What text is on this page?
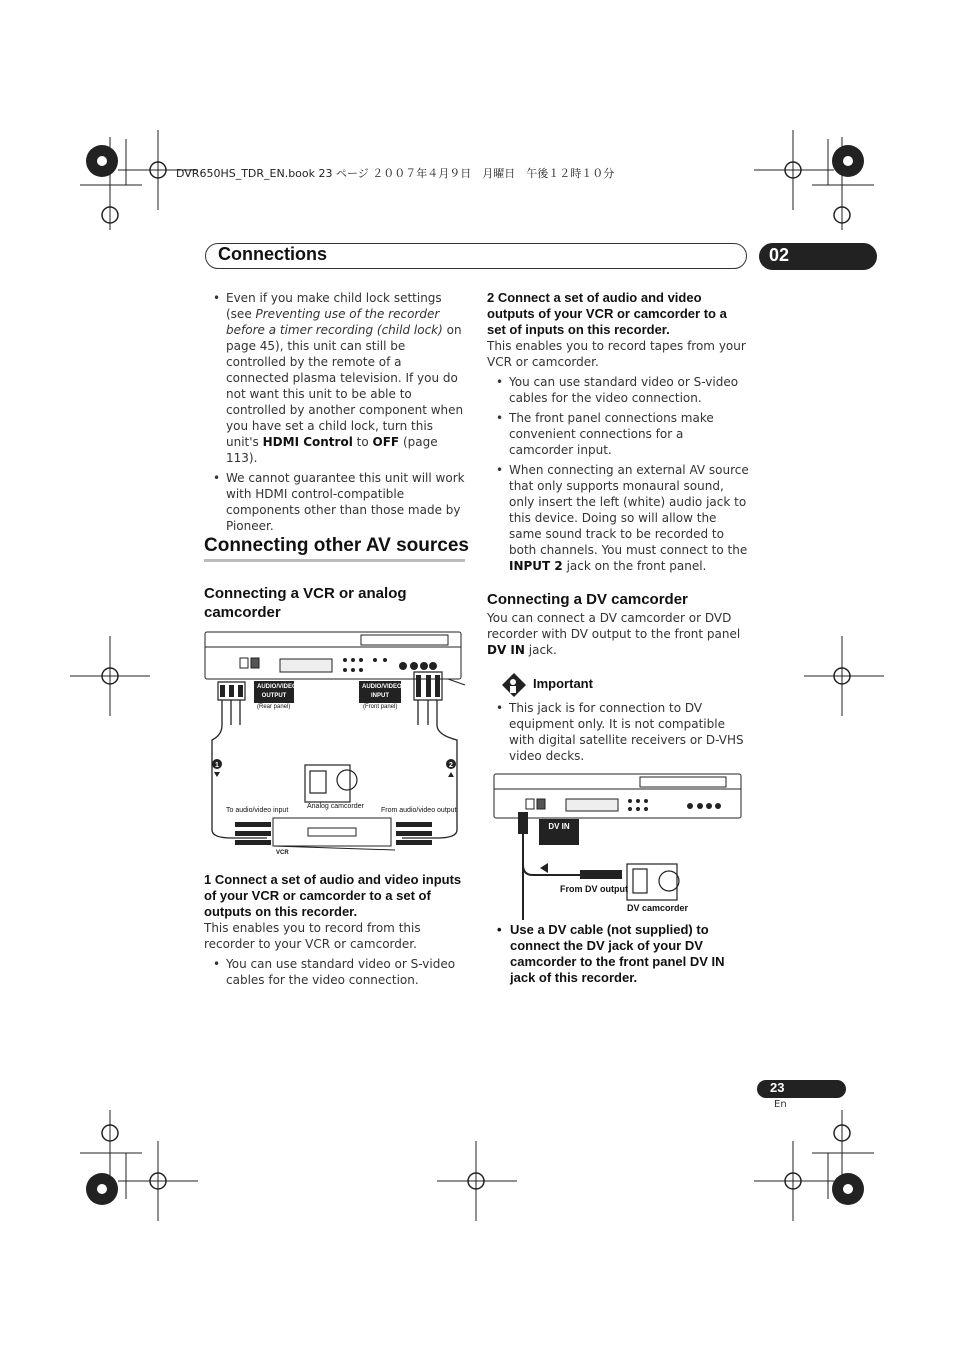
DVR650HS_TDR_EN.book 23 ページ ２００７年４月９日　月曜日　午後１２時１０分
Connections	02

• Even if you make child lock settings (see Preventing use of the recorder before a timer recording (child lock) on page 45), this unit can still be controlled by the remote of a connected plasma television. If you do not want this unit to be able to controlled by another component when you have set a child lock, turn this unit's HDMI Control to OFF (page 113).

• We cannot guarantee this unit will work with HDMI control-compatible components other than those made by Pioneer.

Connecting other AV sources
Connecting a VCR or analog camcorder
1	2
AUDIO/VIDEO OUTPUT
(Rear panel)
AUDIO/VIDEO INPUT
(Front panel)
To audio/video input
Analog camcorder
From audio/video output
VCR
1 Connect a set of audio and video inputs of your VCR or camcorder to a set of outputs on this recorder.

This enables you to record from this recorder to your VCR or camcorder.

• You can use standard video or S-video cables for the video connection.

2 Connect a set of audio and video outputs of your VCR or camcorder to a set of inputs on this recorder.

This enables you to record tapes from your VCR or camcorder.

• You can use standard video or S-video cables for the video connection.

• The front panel connections make convenient connections for a camcorder input.

• When connecting an external AV source that only supports monaural sound, only insert the left (white) audio jack to this device. Doing so will allow the same sound track to be recorded to both channels. You must connect to the INPUT 2 jack on the front panel.

Connecting a DV camcorder

You can connect a DV camcorder or DVD recorder with DV output to the front panel DV IN jack.

Important
• This jack is for connection to DV equipment only. It is not compatible with digital satellite receivers or D-VHS video decks.
DV IN
From DV output
DV camcorder
Use a DV cable (not supplied) to connect the DV jack of your DV camcorder to the front panel DV IN jack of this recorder.
•
23
En
